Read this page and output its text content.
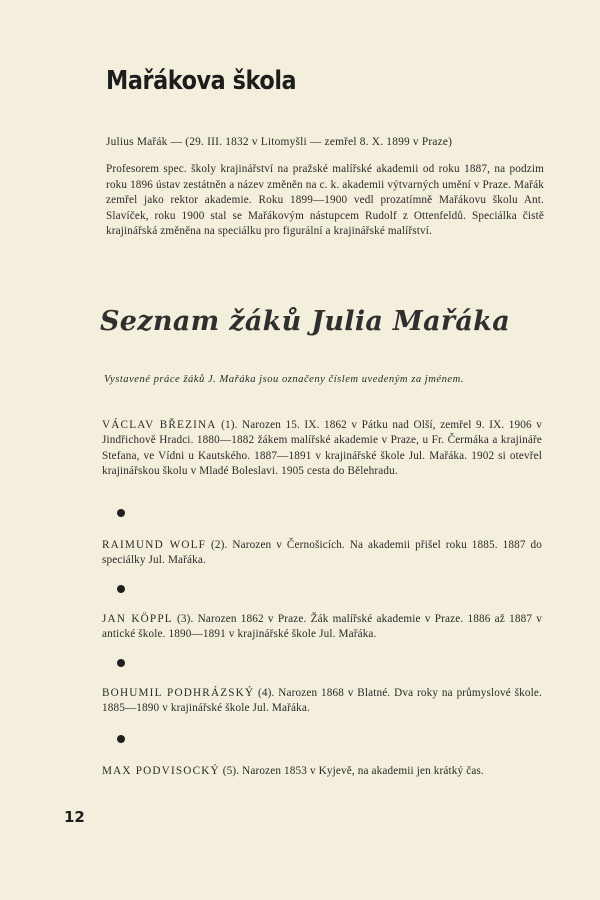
Mařákova škola

Julius Mařák — (29. III. 1832 v Litomyšli — zemřel 8. X. 1899 v Praze)

Profesorem spec. školy krajinářství na pražské malířské akademii od roku 1887, na podzim roku 1896 ústav zestátněn a název změněn na c. k. akademii výtvarných umění v Praze. Mařák zemřel jako rektor akademie. Roku 1899—1900 vedl prozatímně Mařákovu školu Ant. Slavíček, roku 1900 stal se Mařákovým nástupcem Rudolf z Ottenfeldů. Speciálka čistě krajinářská změněna na speciálku pro figurální a krajinářské malířství.

Seznam žáků Julia Mařáka

Vystavené práce žáků J. Mařáka jsou označeny číslem uvedeným za jménem.

VÁCLAV BŘEZINA (1). Narozen 15. IX. 1862 v Pátku nad Olší, zemřel 9. IX. 1906 v Jindřichově Hradci. 1880—1882 žákem malířské akademie v Praze, u Fr. Čermáka a krajináře Stefana, ve Vídni u Kautského. 1887—1891 v krajinářské škole Jul. Mařáka. 1902 si otevřel krajinářskou školu v Mladé Boleslavi. 1905 cesta do Bělehradu.

RAIMUND WOLF (2). Narozen v Černošicích. Na akademii přišel roku 1885. 1887 do speciálky Jul. Mařáka.

JAN KÖPPL (3). Narozen 1862 v Praze. Žák malířské akademie v Praze. 1886 až 1887 v antické škole. 1890—1891 v krajinářské škole Jul. Mařáka.

BOHUMIL PODHRÁZSKÝ (4). Narozen 1868 v Blatné. Dva roky na průmyslové škole. 1885—1890 v krajinářské škole Jul. Mařáka.

MAX PODVISOCKÝ (5). Narozen 1853 v Kyjevě, na akademii jen krátký čas.

12
